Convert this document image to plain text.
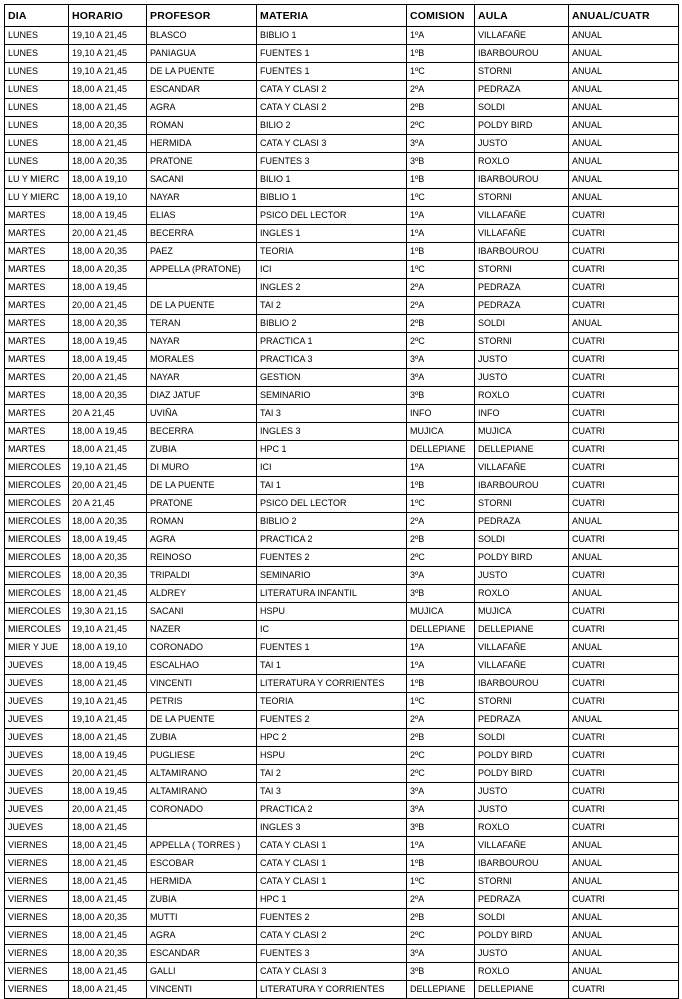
DIA	HORARIO	PROFESOR	MATERIA	COMISION	AULA	ANUAL/CUATR
LUNES	19,10 A 21,45	BLASCO	BIBLIO 1	1ºA	VILLAFAÑE	ANUAL
LUNES	19,10 A 21,45	PANIAGUA	FUENTES 1	1ºB	IBARBOUROU	ANUAL
LUNES	19,10 A 21,45	DE LA PUENTE	FUENTES 1	1ºC	STORNI	ANUAL
LUNES	18,00 A 21,45	ESCANDAR	CATA Y CLASI 2	2ºA	PEDRAZA	ANUAL
LUNES	18,00 A 21,45	AGRA	CATA Y CLASI 2	2ºB	SOLDI	ANUAL
LUNES	18,00 A 20,35	ROMAN	BILIO 2	2ºC	POLDY BIRD	ANUAL
LUNES	18,00 A 21,45	HERMIDA	CATA Y CLASI 3	3ºA	JUSTO	ANUAL
LUNES	18,00 A 20,35	PRATONE	FUENTES 3	3ºB	ROXLO	ANUAL
LU Y MIERC	18,00 A 19,10	SACANI	BILIO 1	1ºB	IBARBOUROU	ANUAL
LU Y MIERC	18,00 A 19,10	NAYAR	BIBLIO 1	1ºC	STORNI	ANUAL
MARTES	18,00 A 19,45	ELIAS	PSICO DEL LECTOR	1ºA	VILLAFAÑE	CUATRI
MARTES	20,00 A 21,45	BECERRA	INGLES 1	1ºA	VILLAFAÑE	CUATRI
MARTES	18,00 A 20,35	PAEZ	TEORIA	1ºB	IBARBOUROU	CUATRI
MARTES	18,00 A 20,35	APPELLA (PRATONE)	ICI	1ºC	STORNI	CUATRI
MARTES	18,00 A 19,45		INGLES 2	2ºA	PEDRAZA	CUATRI
MARTES	20,00 A 21,45	DE LA PUENTE	TAI 2	2ºA	PEDRAZA	CUATRI
MARTES	18,00 A 20,35	TERAN	BIBLIO 2	2ºB	SOLDI	ANUAL
MARTES	18,00 A 19,45	NAYAR	PRACTICA 1	2ºC	STORNI	CUATRI
MARTES	18,00 A 19,45	MORALES	PRACTICA 3	3ºA	JUSTO	CUATRI
MARTES	20,00 A 21,45	NAYAR	GESTION	3ºA	JUSTO	CUATRI
MARTES	18,00 A 20,35	DIAZ JATUF	SEMINARIO	3ºB	ROXLO	CUATRI
MARTES	20 A 21,45	UVIÑA	TAI 3	INFO	INFO	CUATRI
MARTES	18,00 A 19,45	BECERRA	INGLES 3	MUJICA	MUJICA	CUATRI
MARTES	18,00 A 21,45	ZUBIA	HPC 1	DELLEPIANE	DELLEPIANE	CUATRI
MIERCOLES	19,10 A 21,45	DI MURO	ICI	1ºA	VILLAFAÑE	CUATRI
MIERCOLES	20,00 A 21,45	DE LA PUENTE	TAI 1	1ºB	IBARBOUROU	CUATRI
MIERCOLES	20 A 21,45	PRATONE	PSICO DEL LECTOR	1ºC	STORNI	CUATRI
MIERCOLES	18,00 A 20,35	ROMAN	BIBLIO 2	2ºA	PEDRAZA	ANUAL
MIERCOLES	18,00 A 19,45	AGRA	PRACTICA 2	2ºB	SOLDI	CUATRI
MIERCOLES	18,00 A 20,35	REINOSO	FUENTES 2	2ºC	POLDY BIRD	ANUAL
MIERCOLES	18,00 A 20,35	TRIPALDI	SEMINARIO	3ºA	JUSTO	CUATRI
MIERCOLES	18,00 A 21,45	ALDREY	LITERATURA INFANTIL	3ºB	ROXLO	ANUAL
MIERCOLES	19,30 A 21,15	SACANI	HSPU	MUJICA	MUJICA	CUATRI
MIERCOLES	19,10 A 21,45	NAZER	IC	DELLEPIANE	DELLEPIANE	CUATRI
MIER Y JUE	18,00 A 19,10	CORONADO	FUENTES 1	1ºA	VILLAFAÑE	ANUAL
JUEVES	18,00 A 19,45	ESCALHAO	TAI 1	1ºA	VILLAFAÑE	CUATRI
JUEVES	18,00 A 21,45	VINCENTI	LITERATURA Y CORRIENTES	1ºB	IBARBOUROU	CUATRI
JUEVES	19,10 A 21,45	PETRIS	TEORIA	1ºC	STORNI	CUATRI
JUEVES	19,10 A 21,45	DE LA PUENTE	FUENTES 2	2ºA	PEDRAZA	ANUAL
JUEVES	18,00 A 21,45	ZUBIA	HPC 2	2ºB	SOLDI	CUATRI
JUEVES	18,00 A 19,45	PUGLIESE	HSPU	2ºC	POLDY BIRD	CUATRI
JUEVES	20,00 A 21,45	ALTAMIRANO	TAI 2	2ºC	POLDY BIRD	CUATRI
JUEVES	18,00 A 19,45	ALTAMIRANO	TAI 3	3ºA	JUSTO	CUATRI
JUEVES	20,00 A 21,45	CORONADO	PRACTICA 2	3ºA	JUSTO	CUATRI
JUEVES	18,00 A 21,45		INGLES 3	3ºB	ROXLO	CUATRI
VIERNES	18,00 A 21,45	APPELLA ( TORRES )	CATA Y CLASI 1	1ºA	VILLAFAÑE	ANUAL
VIERNES	18,00 A 21,45	ESCOBAR	CATA Y CLASI 1	1ºB	IBARBOUROU	ANUAL
VIERNES	18,00 A 21,45	HERMIDA	CATA Y CLASI 1	1ºC	STORNI	ANUAL
VIERNES	18,00 A 21,45	ZUBIA	HPC 1	2ºA	PEDRAZA	CUATRI
VIERNES	18,00 A 20,35	MUTTI	FUENTES 2	2ºB	SOLDI	ANUAL
VIERNES	18,00 A 21,45	AGRA	CATA Y CLASI 2	2ºC	POLDY BIRD	ANUAL
VIERNES	18,00 A 20,35	ESCANDAR	FUENTES 3	3ºA	JUSTO	ANUAL
VIERNES	18,00 A 21,45	GALLI	CATA Y CLASI 3	3ºB	ROXLO	ANUAL
VIERNES	18,00 A 21,45	VINCENTI	LITERATURA Y CORRIENTES	DELLEPIANE	DELLEPIANE	CUATRI
